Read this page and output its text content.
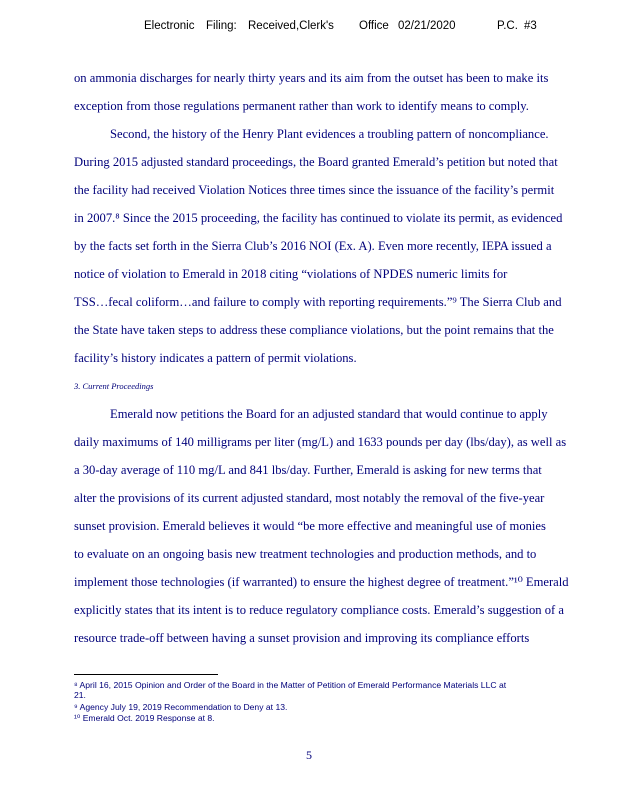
Electronic Filing: Received,Clerk's Office 02/21/2020	P.C. #3
on ammonia discharges for nearly thirty years and its aim from the outset has been to make its
exception from those regulations permanent rather than work to identify means to comply.
Second, the history of the Henry Plant evidences a troubling pattern of noncompliance.
During 2015 adjusted standard proceedings, the Board granted Emerald’s petition but noted that
the facility had received Violation Notices three times since the issuance of the facility’s permit
in 2007.⁸ Since the 2015 proceeding, the facility has continued to violate its permit, as evidenced
by the facts set forth in the Sierra Club’s 2016 NOI (Ex. A). Even more recently, IEPA issued a
notice of violation to Emerald in 2018 citing “violations of NPDES numeric limits for
TSS…fecal coliform…and failure to comply with reporting requirements.”⁹ The Sierra Club and
the State have taken steps to address these compliance violations, but the point remains that the
facility’s history indicates a pattern of permit violations.
3. Current Proceedings
Emerald now petitions the Board for an adjusted standard that would continue to apply
daily maximums of 140 milligrams per liter (mg/L) and 1633 pounds per day (lbs/day), as well as
a 30-day average of 110 mg/L and 841 lbs/day. Further, Emerald is asking for new terms that
alter the provisions of its current adjusted standard, most notably the removal of the five-year
sunset provision. Emerald believes it would “be more effective and meaningful use of monies
to evaluate on an ongoing basis new treatment technologies and production methods, and to
implement those technologies (if warranted) to ensure the highest degree of treatment.”¹⁰ Emerald
explicitly states that its intent is to reduce regulatory compliance costs. Emerald’s suggestion of a
resource trade-off between having a sunset provision and improving its compliance efforts
⁸ April 16, 2015 Opinion and Order of the Board in the Matter of Petition of Emerald Performance Materials LLC at
21.
⁹ Agency July 19, 2019 Recommendation to Deny at 13.
¹⁰ Emerald Oct. 2019 Response at 8.
5
